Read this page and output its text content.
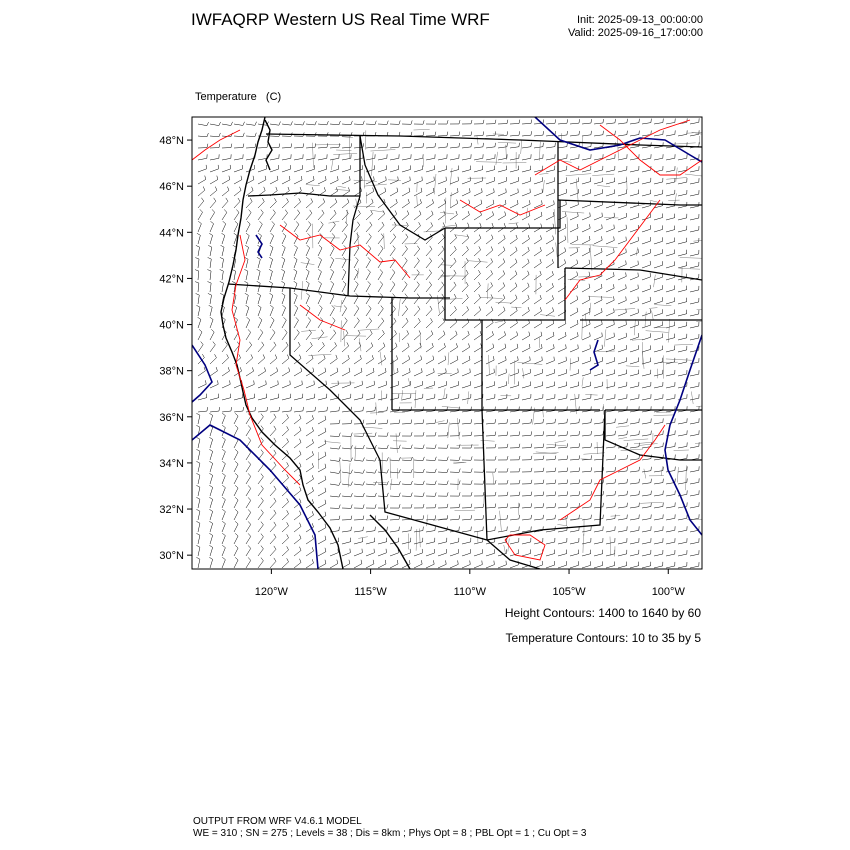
IWFAQRP Western US Real Time WRF	Init: 2025-09-13_00:00:00
Valid: 2025-09-16_17:00:00

Temperature   (C)

48°N
46°N
44°N
42°N
40°N
38°N
36°N
34°N
32°N
30°N
120°W	115°W	110°W	105°W	100°W
Height Contours: 1400 to 1640 by 60
Temperature Contours: 10 to 35 by 5
OUTPUT FROM WRF V4.6.1 MODEL
WE = 310 ; SN = 275 ; Levels = 38 ; Dis = 8km ; Phys Opt = 8 ; PBL Opt = 1 ; Cu Opt = 3
